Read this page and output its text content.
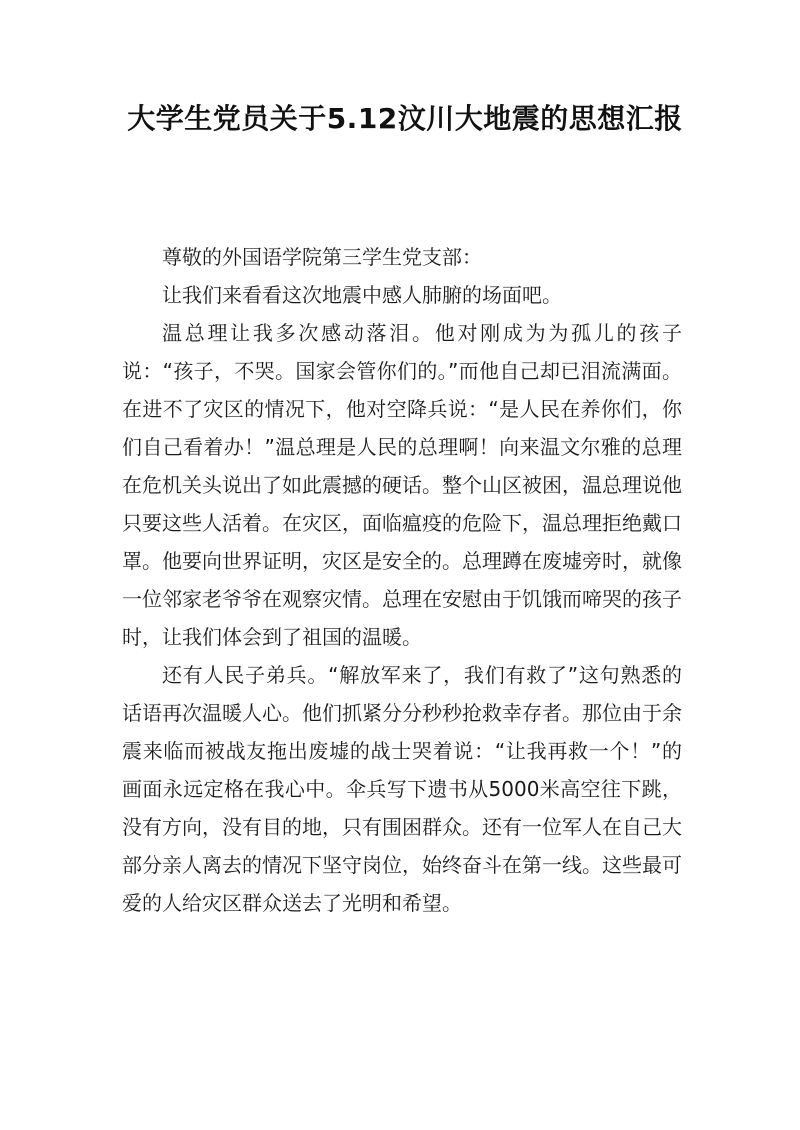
大学生党员关于5.12汶川大地震的思想汇报

尊敬的外国语学院第三学生党支部：

让我们来看看这次地震中感人肺腑的场面吧。

温总理让我多次感动落泪。他对刚成为为孤儿的孩子说：“孩子，不哭。国家会管你们的。”而他自己却已泪流满面。在进不了灾区的情况下，他对空降兵说：“是人民在养你们，你们自己看着办！”温总理是人民的总理啊！向来温文尔雅的总理在危机关头说出了如此震撼的硬话。整个山区被困，温总理说他只要这些人活着。在灾区，面临瘟疫的危险下，温总理拒绝戴口罩。他要向世界证明，灾区是安全的。总理蹲在废墟旁时，就像一位邻家老爷爷在观察灾情。总理在安慰由于饥饿而啼哭的孩子时，让我们体会到了祖国的温暖。

还有人民子弟兵。“解放军来了，我们有救了”这句熟悉的话语再次温暖人心。他们抓紧分分秒秒抢救幸存者。那位由于余震来临而被战友拖出废墟的战士哭着说：“让我再救一个！”的画面永远定格在我心中。伞兵写下遗书从5000米高空往下跳，没有方向，没有目的地，只有围困群众。还有一位军人在自己大部分亲人离去的情况下坚守岗位，始终奋斗在第一线。这些最可爱的人给灾区群众送去了光明和希望。
